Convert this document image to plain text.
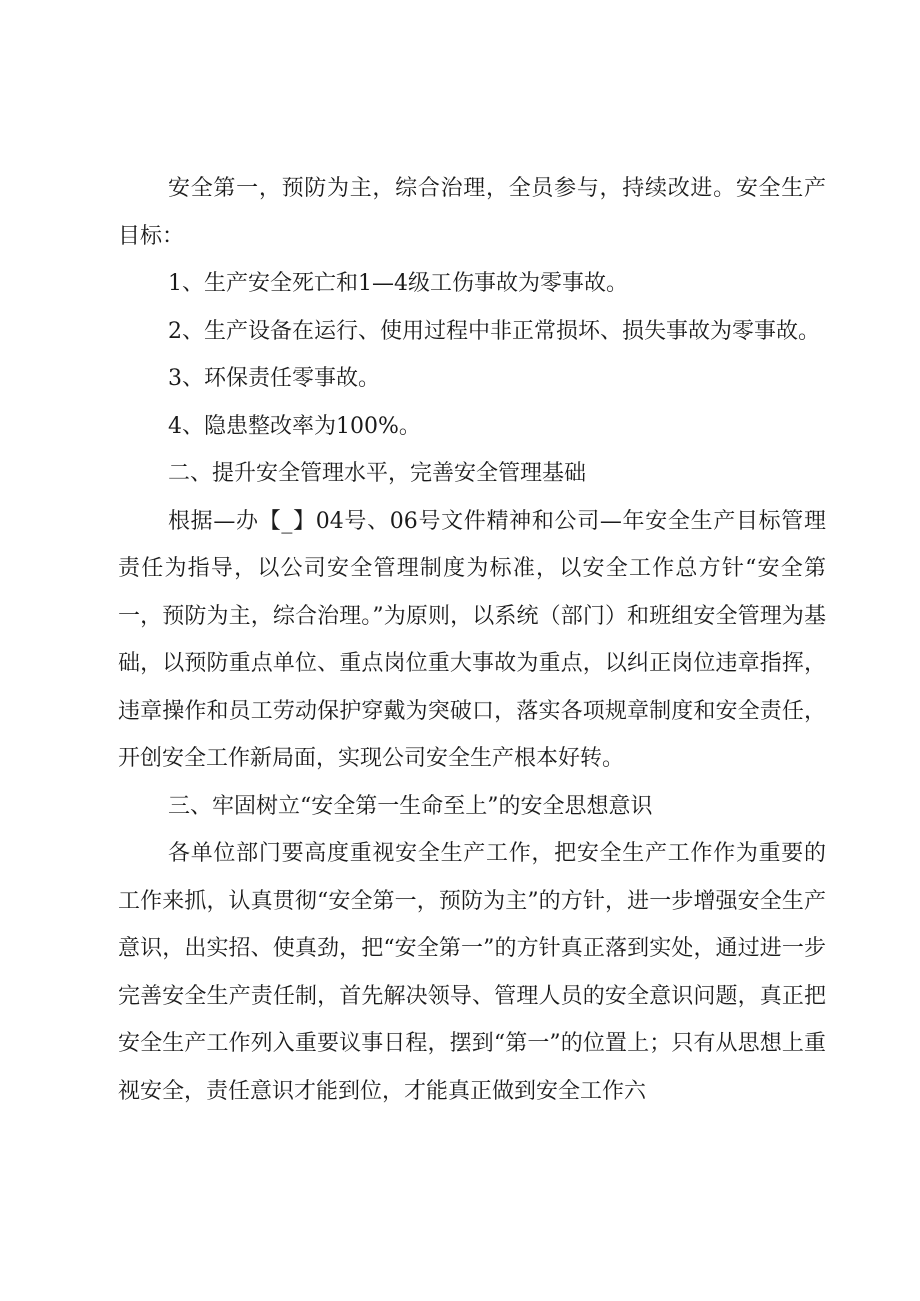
安全第一，预防为主，综合治理，全员参与，持续改进。安全生产目标：

1、生产安全死亡和1—4级工伤事故为零事故。

2、生产设备在运行、使用过程中非正常损坏、损失事故为零事故。

3、环保责任零事故。

4、隐患整改率为100%。

二、提升安全管理水平，完善安全管理基础

根据—办【_】04号、06号文件精神和公司—年安全生产目标管理责任为指导，以公司安全管理制度为标准，以安全工作总方针“安全第一，预防为主，综合治理。”为原则，以系统（部门）和班组安全管理为基础，以预防重点单位、重点岗位重大事故为重点，以纠正岗位违章指挥，违章操作和员工劳动保护穿戴为突破口，落实各项规章制度和安全责任，开创安全工作新局面，实现公司安全生产根本好转。

三、牢固树立“安全第一生命至上”的安全思想意识

各单位部门要高度重视安全生产工作，把安全生产工作作为重要的工作来抓，认真贯彻“安全第一，预防为主”的方针，进一步增强安全生产意识，出实招、使真劲，把“安全第一”的方针真正落到实处，通过进一步完善安全生产责任制，首先解决领导、管理人员的安全意识问题，真正把安全生产工作列入重要议事日程，摆到“第一”的位置上；只有从思想上重视安全，责任意识才能到位，才能真正做到安全工作六
